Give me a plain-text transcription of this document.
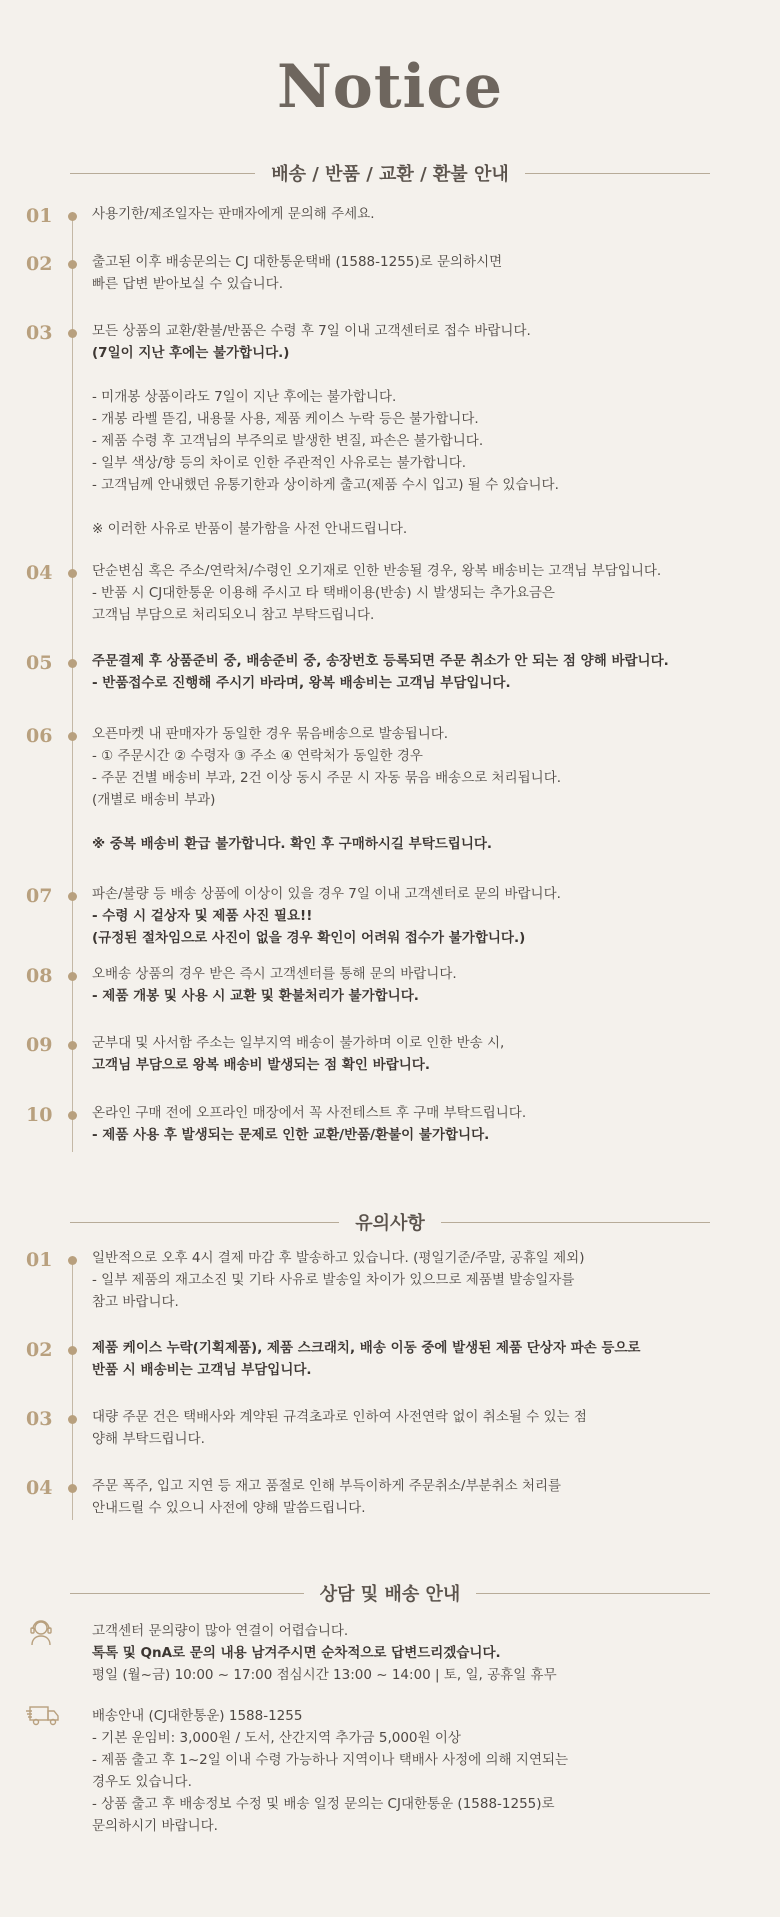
Notice
배송 / 반품 / 교환 / 환불 안내
01	사용기한/제조일자는 판매자에게 문의해 주세요.
02	출고된 이후 배송문의는 CJ 대한통운택배 (1588-1255)로 문의하시면
빠른 답변 받아보실 수 있습니다.
03	모든 상품의 교환/환불/반품은 수령 후 7일 이내 고객센터로 접수 바랍니다.
(7일이 지난 후에는 불가합니다.)
- 미개봉 상품이라도 7일이 지난 후에는 불가합니다.
- 개봉 라벨 뜯김, 내용물 사용, 제품 케이스 누락 등은 불가합니다.
- 제품 수령 후 고객님의 부주의로 발생한 변질, 파손은 불가합니다.
- 일부 색상/향 등의 차이로 인한 주관적인 사유로는 불가합니다.
- 고객님께 안내했던 유통기한과 상이하게 출고(제품 수시 입고) 될 수 있습니다.
※ 이러한 사유로 반품이 불가함을 사전 안내드립니다.
04	단순변심 혹은 주소/연락처/수령인 오기재로 인한 반송될 경우, 왕복 배송비는 고객님 부담입니다.
- 반품 시 CJ대한통운 이용해 주시고 타 택배이용(반송) 시 발생되는 추가요금은
고객님 부담으로 처리되오니 참고 부탁드립니다.
05	주문결제 후 상품준비 중, 배송준비 중, 송장번호 등록되면 주문 취소가 안 되는 점 양해 바랍니다.
- 반품접수로 진행해 주시기 바라며, 왕복 배송비는 고객님 부담입니다.
06	오픈마켓 내 판매자가 동일한 경우 묶음배송으로 발송됩니다.
- ① 주문시간 ② 수령자 ③ 주소 ④ 연락처가 동일한 경우
- 주문 건별 배송비 부과, 2건 이상 동시 주문 시 자동 묶음 배송으로 처리됩니다.
(개별로 배송비 부과)
※ 중복 배송비 환급 불가합니다. 확인 후 구매하시길 부탁드립니다.
07	파손/불량 등 배송 상품에 이상이 있을 경우 7일 이내 고객센터로 문의 바랍니다.
- 수령 시 겉상자 및 제품 사진 필요!!
(규정된 절차임으로 사진이 없을 경우 확인이 어려워 접수가 불가합니다.)
08	오배송 상품의 경우 받은 즉시 고객센터를 통해 문의 바랍니다.
- 제품 개봉 및 사용 시 교환 및 환불처리가 불가합니다.
09	군부대 및 사서함 주소는 일부지역 배송이 불가하며 이로 인한 반송 시,
고객님 부담으로 왕복 배송비 발생되는 점 확인 바랍니다.
10	온라인 구매 전에 오프라인 매장에서 꼭 사전테스트 후 구매 부탁드립니다.
- 제품 사용 후 발생되는 문제로 인한 교환/반품/환불이 불가합니다.
유의사항
01	일반적으로 오후 4시 결제 마감 후 발송하고 있습니다. (평일기준/주말, 공휴일 제외)
- 일부 제품의 재고소진 및 기타 사유로 발송일 차이가 있으므로 제품별 발송일자를
참고 바랍니다.
02	제품 케이스 누락(기획제품), 제품 스크래치, 배송 이동 중에 발생된 제품 단상자 파손 등으로
반품 시 배송비는 고객님 부담입니다.
03	대량 주문 건은 택배사와 계약된 규격초과로 인하여 사전연락 없이 취소될 수 있는 점
양해 부탁드립니다.
04	주문 폭주, 입고 지연 등 재고 품절로 인해 부득이하게 주문취소/부분취소 처리를
안내드릴 수 있으니 사전에 양해 말씀드립니다.
상담 및 배송 안내
고객센터 문의량이 많아 연결이 어렵습니다.
톡톡 및 QnA로 문의 내용 남겨주시면 순차적으로 답변드리겠습니다.
평일 (월~금) 10:00 ~ 17:00 점심시간 13:00 ~ 14:00 | 토, 일, 공휴일 휴무
배송안내 (CJ대한통운) 1588-1255
- 기본 운임비: 3,000원 / 도서, 산간지역 추가금 5,000원 이상
- 제품 출고 후 1~2일 이내 수령 가능하나 지역이나 택배사 사정에 의해 지연되는
경우도 있습니다.
- 상품 출고 후 배송정보 수정 및 배송 일정 문의는 CJ대한통운 (1588-1255)로
문의하시기 바랍니다.
